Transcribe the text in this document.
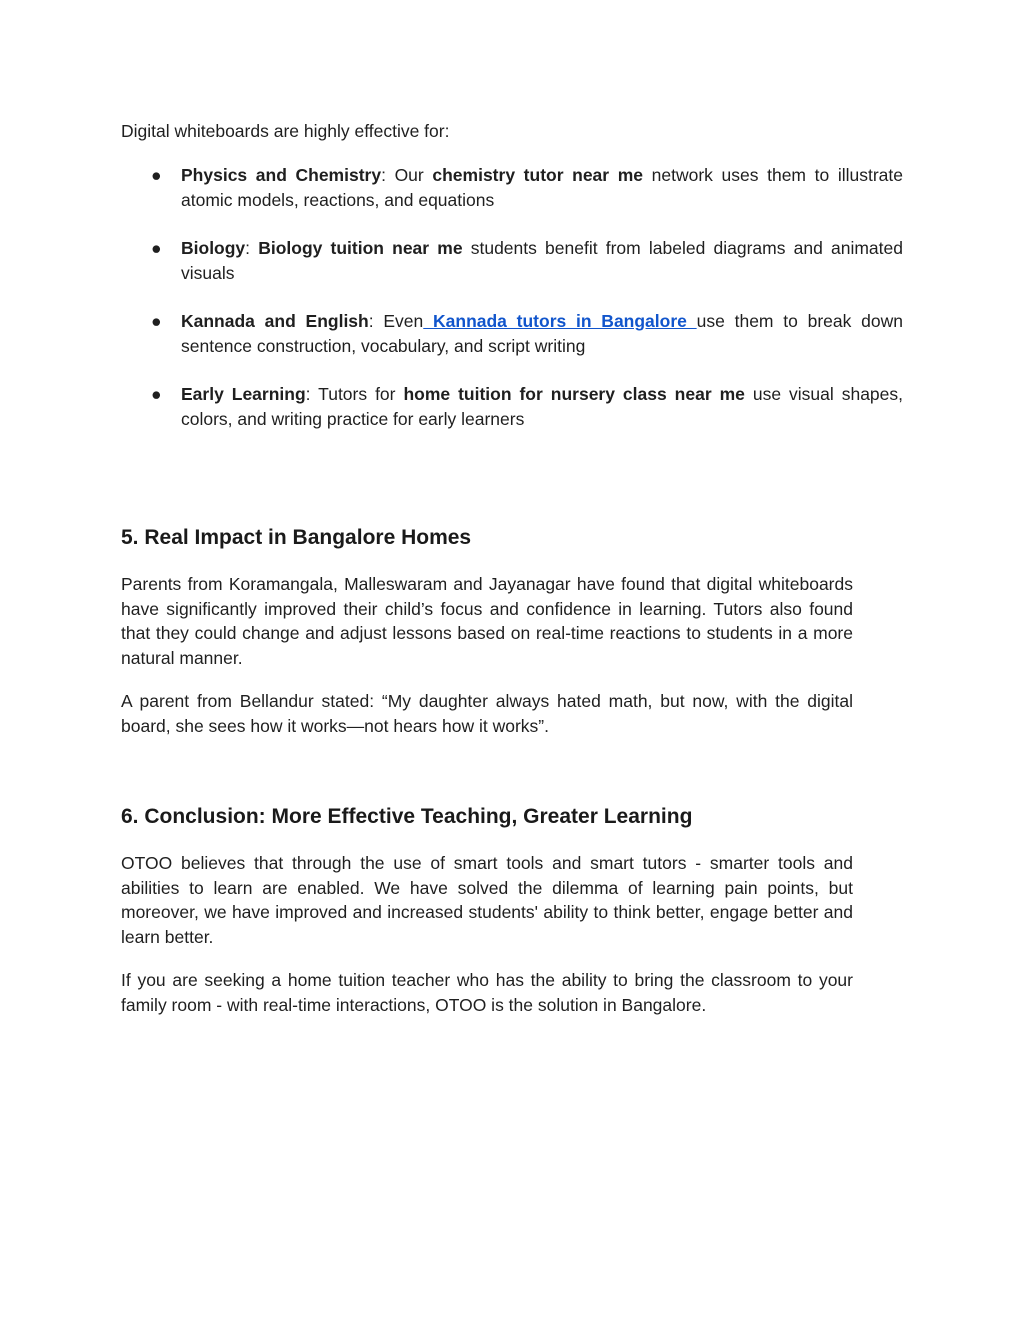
Digital whiteboards are highly effective for:

● Physics and Chemistry: Our chemistry tutor near me network uses them to illustrate atomic models, reactions, and equations
● Biology: Biology tuition near me students benefit from labeled diagrams and animated visuals
● Kannada and English: Even Kannada tutors in Bangalore use them to break down sentence construction, vocabulary, and script writing
● Early Learning: Tutors for home tuition for nursery class near me use visual shapes, colors, and writing practice for early learners
5. Real Impact in Bangalore Homes

Parents from Koramangala, Malleswaram and Jayanagar have found that digital whiteboards have significantly improved their child’s focus and confidence in learning. Tutors also found that they could change and adjust lessons based on real-time reactions to students in a more natural manner.

A parent from Bellandur stated: “My daughter always hated math, but now, with the digital board, she sees how it works—not hears how it works”.

6. Conclusion: More Effective Teaching, Greater Learning

OTOO believes that through the use of smart tools and smart tutors - smarter tools and abilities to learn are enabled. We have solved the dilemma of learning pain points, but moreover, we have improved and increased students' ability to think better, engage better and learn better.

If you are seeking a home tuition teacher who has the ability to bring the classroom to your family room - with real-time interactions, OTOO is the solution in Bangalore.
